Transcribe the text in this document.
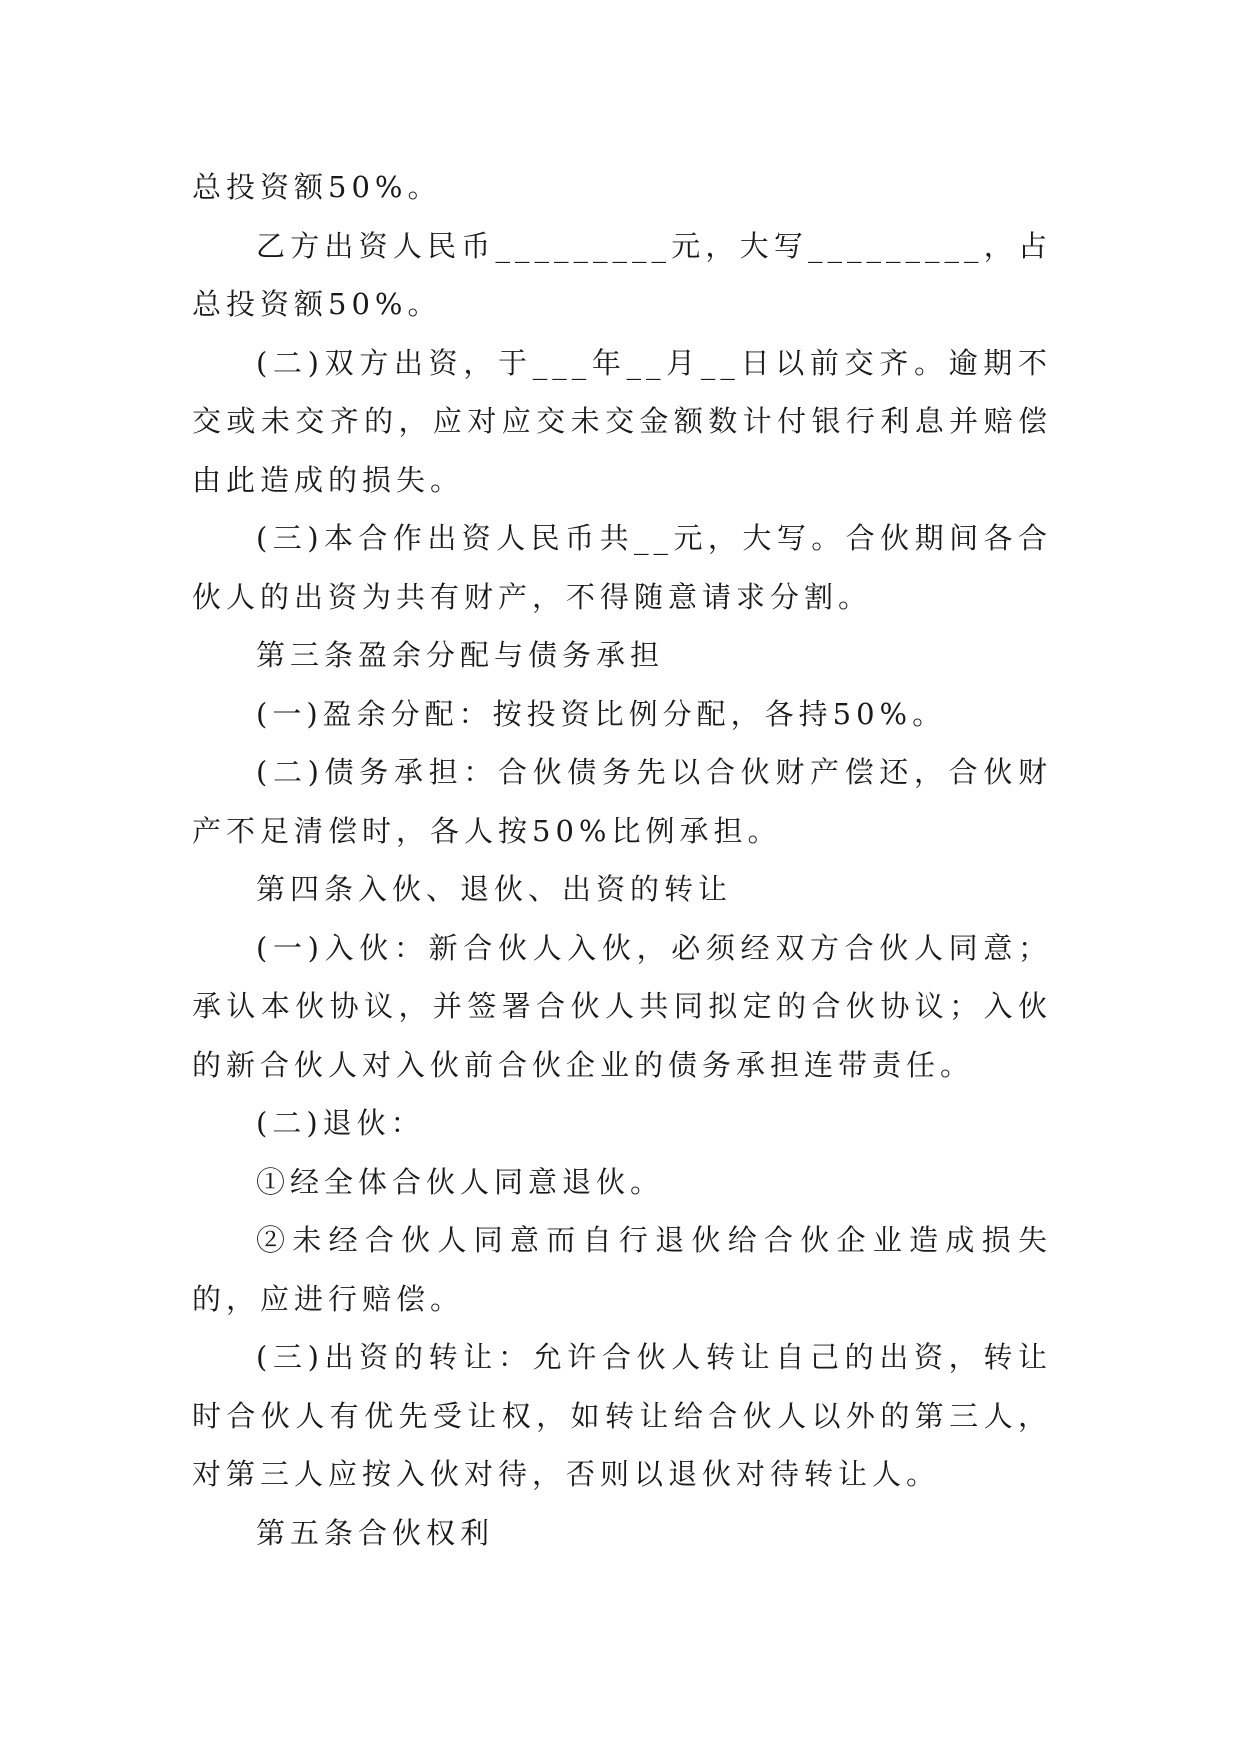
总投资额50%。

乙方出资人民币_________元，大写_________，占总投资额50%。

(二)双方出资，于___年__月__日以前交齐。逾期不交或未交齐的，应对应交未交金额数计付银行利息并赔偿由此造成的损失。

(三)本合作出资人民币共__元，大写。合伙期间各合伙人的出资为共有财产，不得随意请求分割。

第三条盈余分配与债务承担

(一)盈余分配：按投资比例分配，各持50%。

(二)债务承担：合伙债务先以合伙财产偿还，合伙财产不足清偿时，各人按50%比例承担。

第四条入伙、退伙、出资的转让

(一)入伙：新合伙人入伙，必须经双方合伙人同意；承认本伙协议，并签署合伙人共同拟定的合伙协议；入伙的新合伙人对入伙前合伙企业的债务承担连带责任。

(二)退伙：

①经全体合伙人同意退伙。

②未经合伙人同意而自行退伙给合伙企业造成损失的，应进行赔偿。

(三)出资的转让：允许合伙人转让自己的出资，转让时合伙人有优先受让权，如转让给合伙人以外的第三人，对第三人应按入伙对待，否则以退伙对待转让人。

第五条合伙权利
